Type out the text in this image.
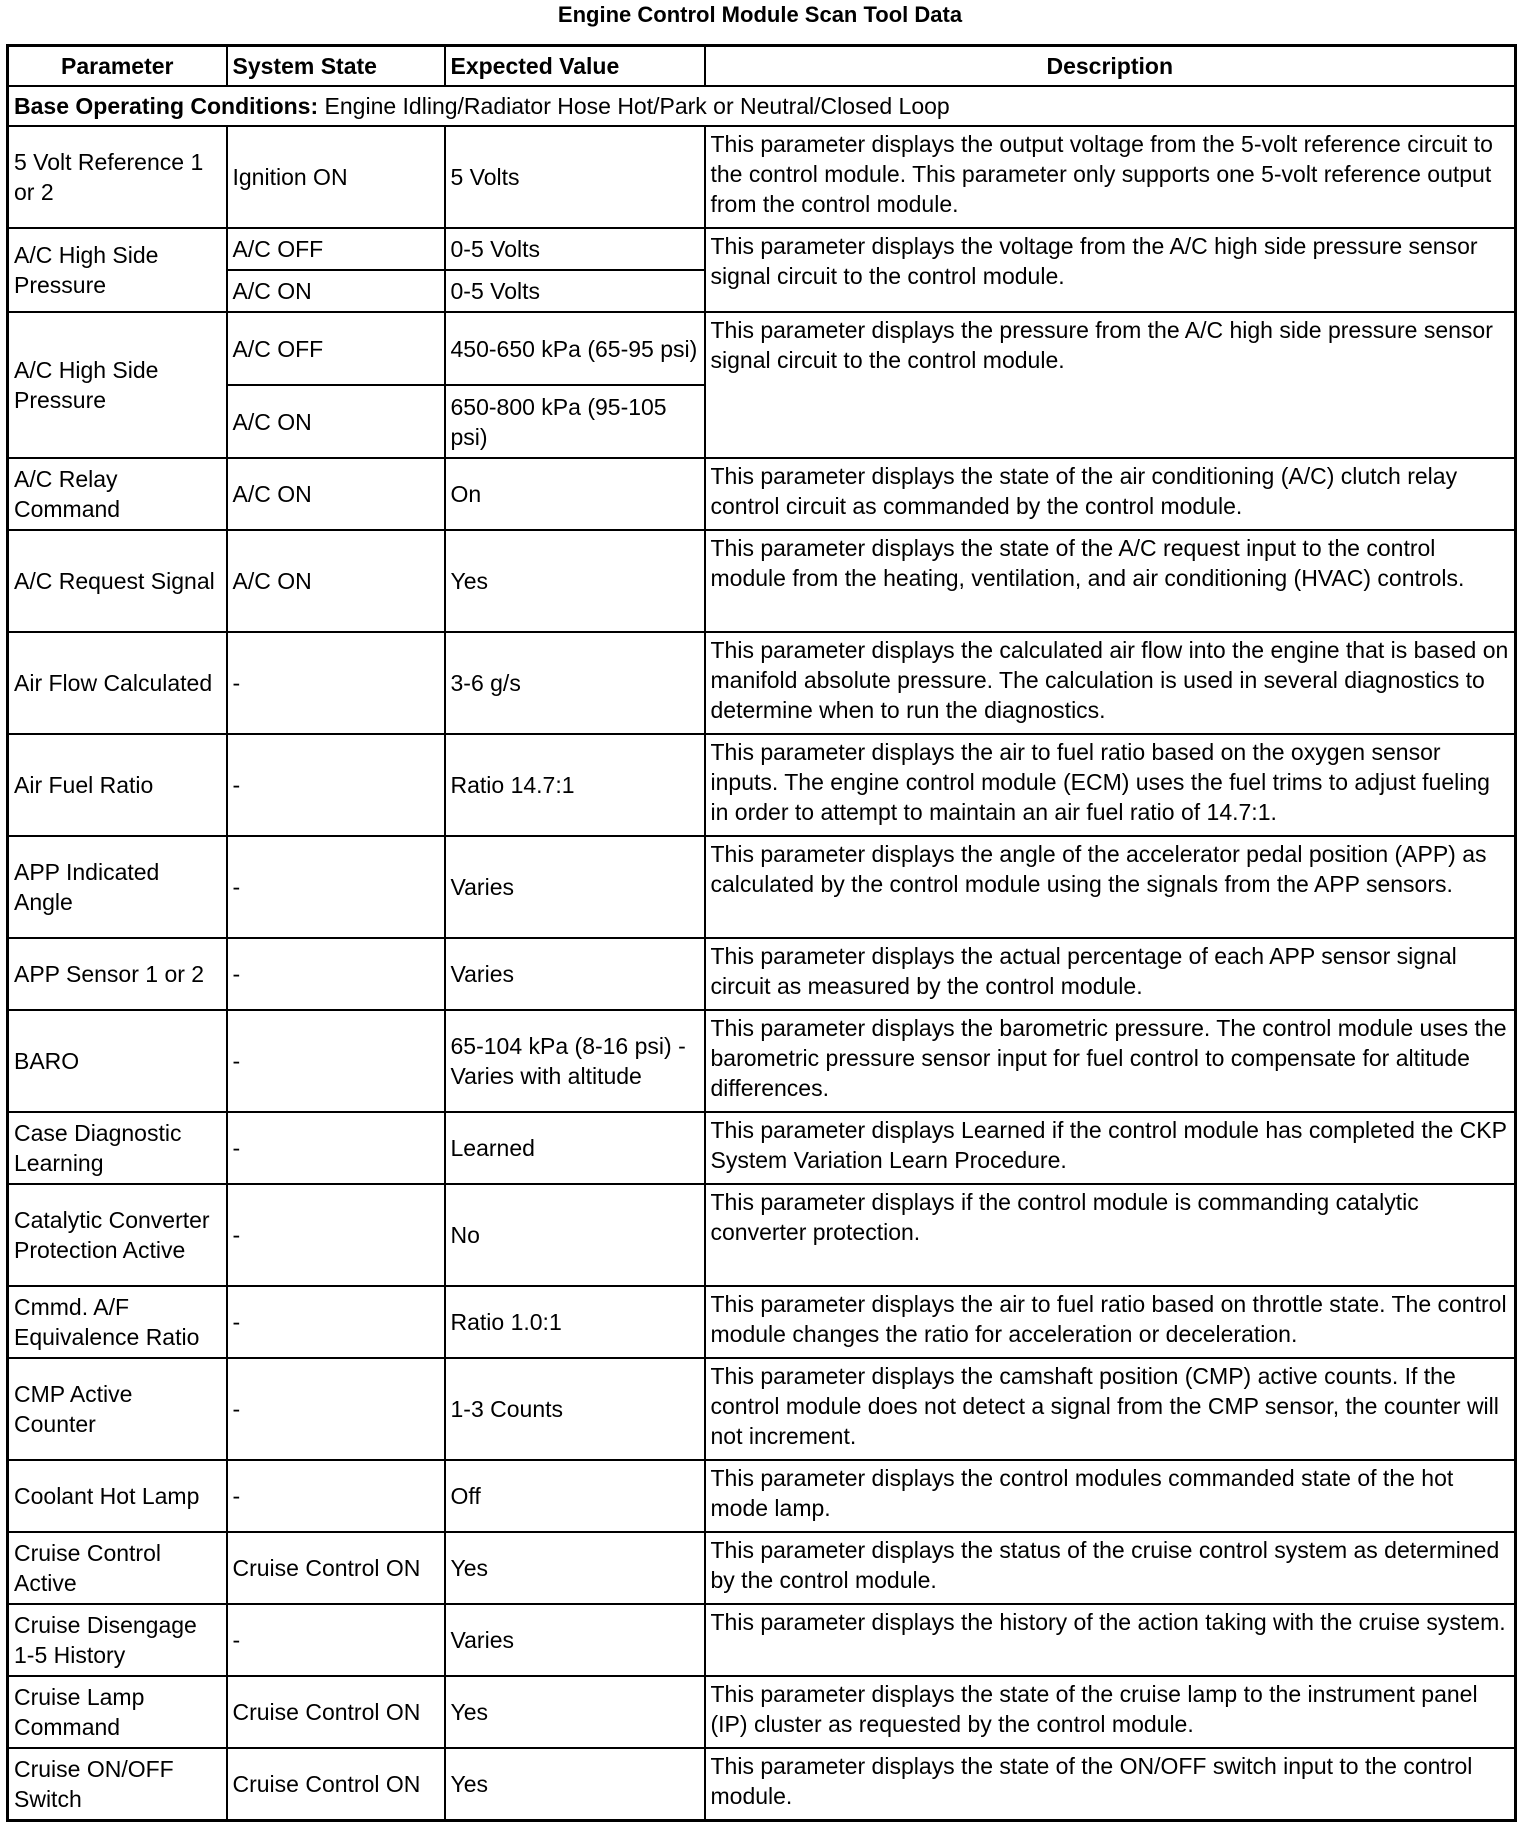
Engine Control Module Scan Tool Data
Parameter	System State	Expected Value	Description
Base Operating Conditions: Engine Idling/Radiator Hose Hot/Park or Neutral/Closed Loop			
5 Volt Reference 1 or 2	Ignition ON	5 Volts	This parameter displays the output voltage from the 5-volt reference circuit to the control module. This parameter only supports one 5-volt reference output from the control module.
A/C High Side Pressure	A/C OFF	0-5 Volts	This parameter displays the voltage from the A/C high side pressure sensor signal circuit to the control module.
	A/C ON	0-5 Volts	
A/C High Side Pressure	A/C OFF	450-650 kPa (65-95 psi)	This parameter displays the pressure from the A/C high side pressure sensor signal circuit to the control module.
	A/C ON	650-800 kPa (95-105 psi)	
A/C Relay Command	A/C ON	On	This parameter displays the state of the air conditioning (A/C) clutch relay control circuit as commanded by the control module.
A/C Request Signal	A/C ON	Yes	This parameter displays the state of the A/C request input to the control module from the heating, ventilation, and air conditioning (HVAC) controls.
Air Flow Calculated	-	3-6 g/s	This parameter displays the calculated air flow into the engine that is based on manifold absolute pressure. The calculation is used in several diagnostics to determine when to run the diagnostics.
Air Fuel Ratio	-	Ratio 14.7:1	This parameter displays the air to fuel ratio based on the oxygen sensor inputs. The engine control module (ECM) uses the fuel trims to adjust fueling in order to attempt to maintain an air fuel ratio of 14.7:1.
APP Indicated Angle	-	Varies	This parameter displays the angle of the accelerator pedal position (APP) as calculated by the control module using the signals from the APP sensors.
APP Sensor 1 or 2	-	Varies	This parameter displays the actual percentage of each APP sensor signal circuit as measured by the control module.
BARO	-	65-104 kPa (8-16 psi) - Varies with altitude	This parameter displays the barometric pressure. The control module uses the barometric pressure sensor input for fuel control to compensate for altitude differences.
Case Diagnostic Learning	-	Learned	This parameter displays Learned if the control module has completed the CKP System Variation Learn Procedure.
Catalytic Converter Protection Active	-	No	This parameter displays if the control module is commanding catalytic converter protection.
Cmmd. A/F Equivalence Ratio	-	Ratio 1.0:1	This parameter displays the air to fuel ratio based on throttle state. The control module changes the ratio for acceleration or deceleration.
CMP Active Counter	-	1-3 Counts	This parameter displays the camshaft position (CMP) active counts. If the control module does not detect a signal from the CMP sensor, the counter will not increment.
Coolant Hot Lamp	-	Off	This parameter displays the control modules commanded state of the hot mode lamp.
Cruise Control Active	Cruise Control ON	Yes	This parameter displays the status of the cruise control system as determined by the control module.
Cruise Disengage 1-5 History	-	Varies	This parameter displays the history of the action taking with the cruise system.
Cruise Lamp Command	Cruise Control ON	Yes	This parameter displays the state of the cruise lamp to the instrument panel (IP) cluster as requested by the control module.
Cruise ON/OFF Switch	Cruise Control ON	Yes	This parameter displays the state of the ON/OFF switch input to the control module.
